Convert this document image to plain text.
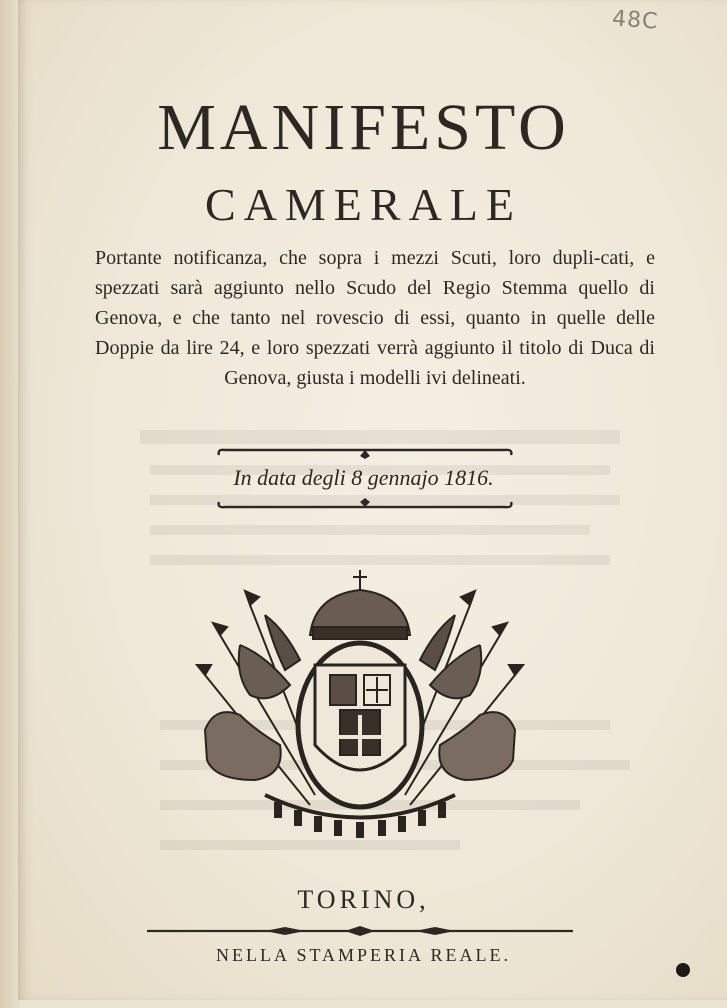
48C
MANIFESTO
CAMERALE
Portante notificanza, che sopra i mezzi Scuti, loro dupli-cati, e spezzati sarà aggiunto nello Scudo del Regio Stemma quello di Genova, e che tanto nel rovescio di essi, quanto in quelle delle Doppie da lire 24, e loro spezzati verrà aggiunto il titolo di Duca di Genova, giusta i modelli ivi delineati.
In data degli 8 gennajo 1816.
TORINO,
NELLA STAMPERIA REALE.
